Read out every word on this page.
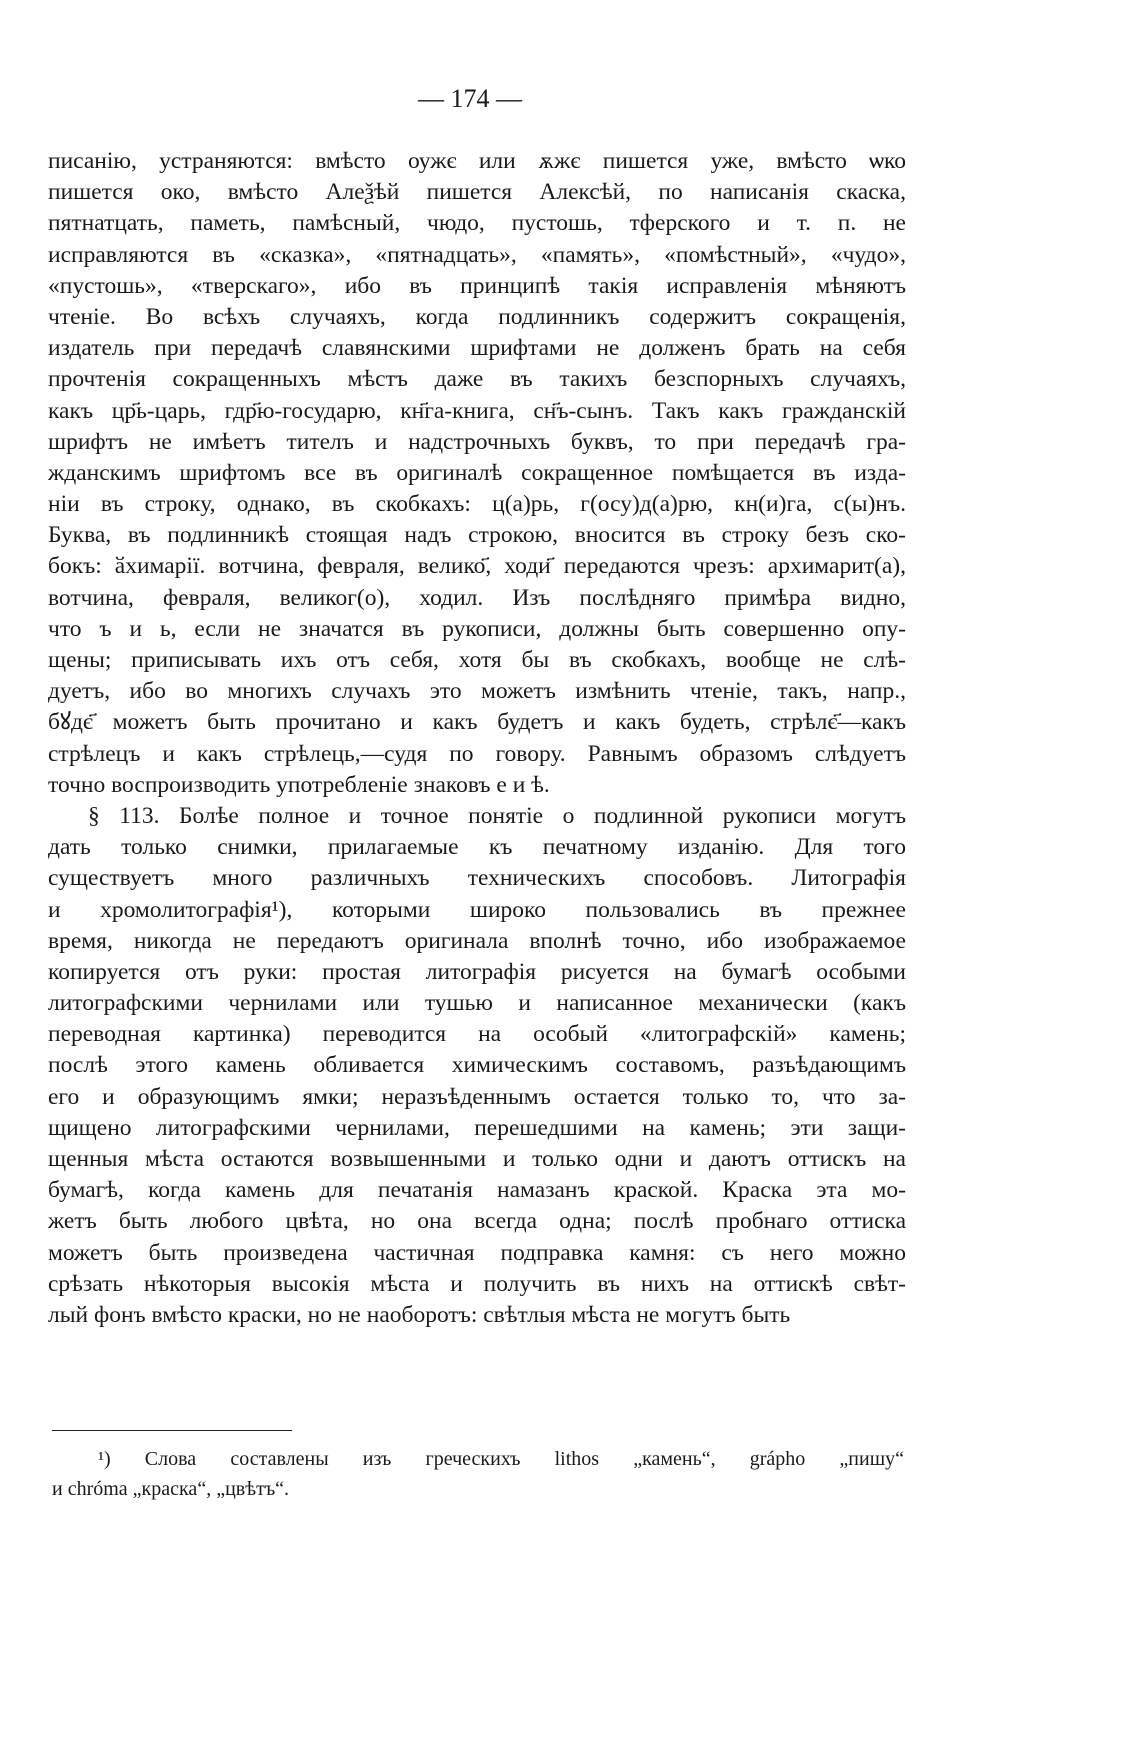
— 174 —
писанію, устраняются: вмѣсто оужє или ѫжє пишется уже, вмѣсто ѡко
пишется око, вмѣсто Алеѯѣй пишется Алексѣй, по написанія скаска,
пятнатцать, паметь, памѣсный, чюдо, пустошь, тферского и т. п. не
исправляются въ «сказка», «пятнадцать», «память», «помѣстный», «чудо»,
«пустошь», «тверскаго», ибо въ принципѣ такія исправленія мѣняютъ
чтеніе. Во всѣхъ случаяхъ, когда подлинникъ содержитъ сокращенія,
издатель при передачѣ славянскими шрифтами не долженъ брать на себя
прочтенія сокращенныхъ мѣстъ даже въ такихъ безспорныхъ случаяхъ,
какъ цр҃ь-царь, гдр҃ю-государю, кн҃га-книга, сн҃ъ-сынъ. Такъ какъ гражданскій
шрифтъ не имѣетъ тителъ и надстрочныхъ буквъ, то при передачѣ гра-
жданскимъ шрифтомъ все въ оригиналѣ сокращенное помѣщается въ изда-
ніи въ строку, однако, въ скобкахъ: ц(а)рь, г(осу)д(а)рю, кн(и)га, с(ы)нъ.
Буква, въ подлинникѣ стоящая надъ строкою, вносится въ строку безъ ско-
бокъ: ӑхимарії. вотчина, февраля, велико҃, ходи҃ передаются чрезъ: архимарит(а),
вотчина, февраля, великог(о), ходил. Изъ послѣдняго примѣра видно,
что ъ и ь, если не значатся въ рукописи, должны быть совершенно опу-
щены; приписывать ихъ отъ себя, хотя бы въ скобкахъ, вообще не слѣ-
дуетъ, ибо во многихъ случахъ это можетъ измѣнить чтеніе, такъ, напр.,
бꙋдє҃ можетъ быть прочитано и какъ будетъ и какъ будеть, стрѣлє҃—какъ
стрѣлецъ и какъ стрѣлець,—судя по говору. Равнымъ образомъ слѣдуетъ
точно воспроизводить употребленіе знаковъ е и ѣ.
§ 113. Болѣе полное и точное понятіе о подлинной рукописи могутъ
дать только снимки, прилагаемые къ печатному изданію. Для того
существуетъ много различныхъ техническихъ способовъ. Литографія
и хромолитографія¹), которыми широко пользовались въ прежнее
время, никогда не передаютъ оригинала вполнѣ точно, ибо изображаемое
копируется отъ руки: простая литографія рисуется на бумагѣ особыми
литографскими чернилами или тушью и написанное механически (какъ
переводная картинка) переводится на особый «литографскій» камень;
послѣ этого камень обливается химическимъ составомъ, разъѣдающимъ
его и образующимъ ямки; неразъѣденнымъ остается только то, что за-
щищено литографскими чернилами, перешедшими на камень; эти защи-
щенныя мѣста остаются возвышенными и только одни и даютъ оттискъ на
бумагѣ, когда камень для печатанія намазанъ краской. Краска эта мо-
жетъ быть любого цвѣта, но она всегда одна; послѣ пробнаго оттиска
можетъ быть произведена частичная подправка камня: съ него можно
срѣзать нѣкоторыя высокія мѣста и получить въ нихъ на оттискѣ свѣт-
лый фонъ вмѣсто краски, но не наоборотъ: свѣтлыя мѣста не могутъ быть
¹) Слова составлены изъ греческихъ lithos „камень“, grápho „пишу“
и chróma „краска“, „цвѣтъ“.
